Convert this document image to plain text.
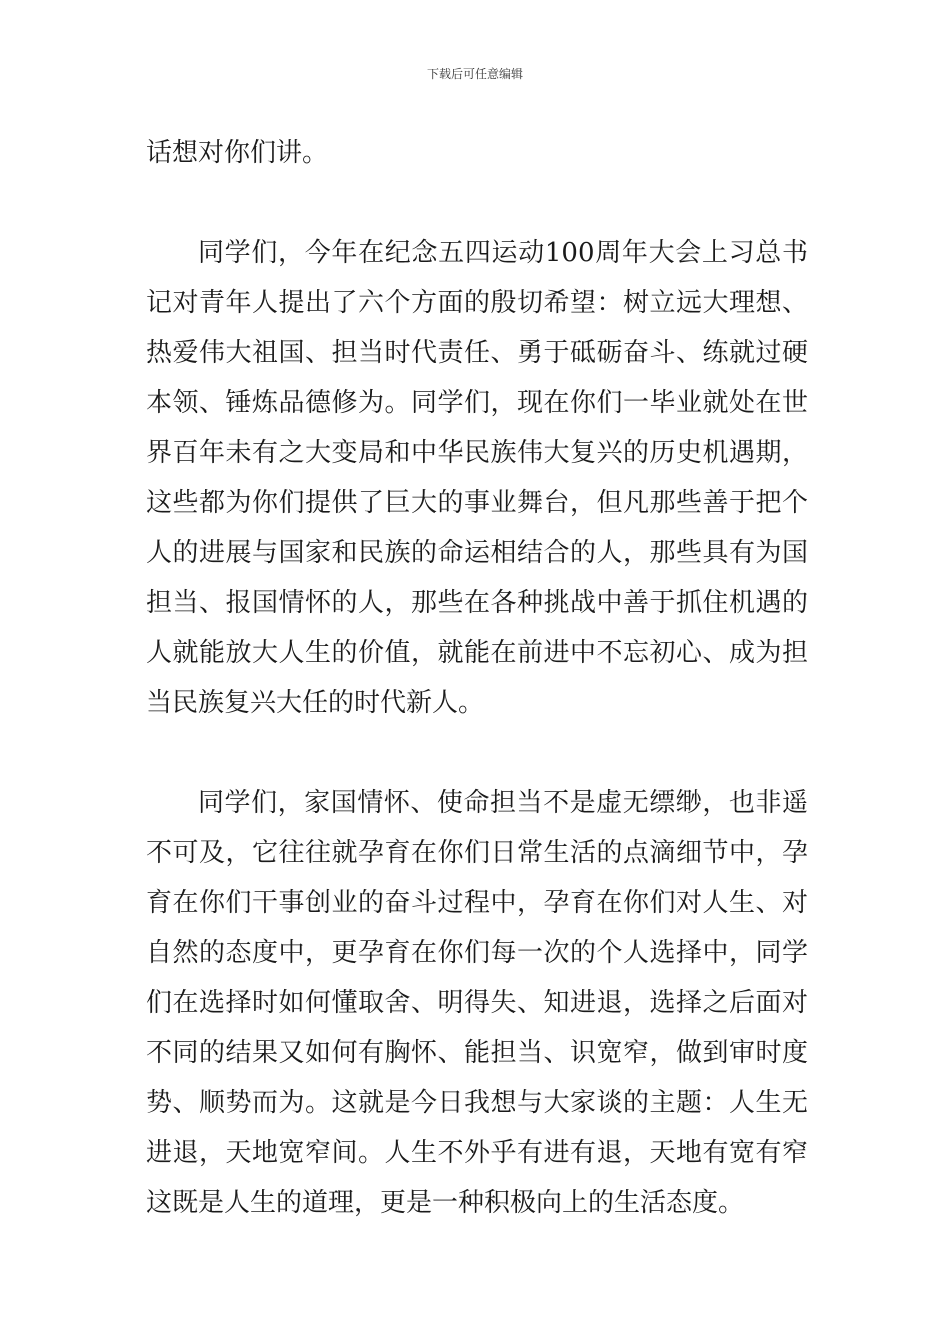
下载后可任意编辑

话想对你们讲。

同学们，今年在纪念五四运动100周年大会上习总书记对青年人提出了六个方面的殷切希望：树立远大理想、热爱伟大祖国、担当时代责任、勇于砥砺奋斗、练就过硬本领、锤炼品德修为。同学们，现在你们一毕业就处在世界百年未有之大变局和中华民族伟大复兴的历史机遇期，这些都为你们提供了巨大的事业舞台，但凡那些善于把个人的进展与国家和民族的命运相结合的人，那些具有为国担当、报国情怀的人，那些在各种挑战中善于抓住机遇的人就能放大人生的价值，就能在前进中不忘初心、成为担当民族复兴大任的时代新人。

同学们，家国情怀、使命担当不是虚无缥缈，也非遥不可及，它往往就孕育在你们日常生活的点滴细节中，孕育在你们干事创业的奋斗过程中，孕育在你们对人生、对自然的态度中，更孕育在你们每一次的个人选择中，同学们在选择时如何懂取舍、明得失、知进退，选择之后面对不同的结果又如何有胸怀、能担当、识宽窄，做到审时度势、顺势而为。这就是今日我想与大家谈的主题：人生无进退，天地宽窄间。人生不外乎有进有退，天地有宽有窄这既是人生的道理，更是一种积极向上的生活态度。
